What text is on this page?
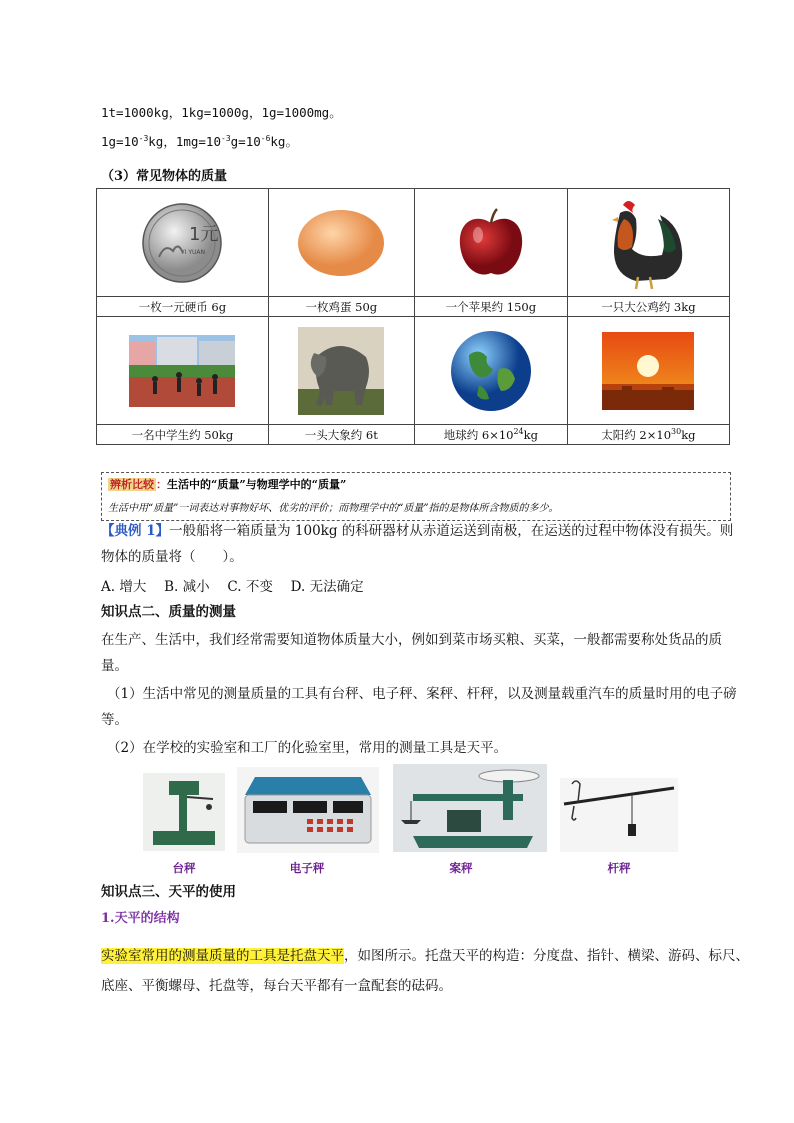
1t=1000kg，1kg=1000g，1g=1000mg。
$1g=10^{-3}kg$，$1mg=10^{-3}g=10^{-6}kg$。
（3）常见物体的质量
1元
YI YUAN

一枚一元硬币 6g	一枚鸡蛋 50g	一个苹果约 150g	一只大公鸡约 3kg

一名中学生约 50kg	一头大象约 6t	地球约 $6\times 10^{24}kg$	太阳约 $2\times 10^{30}kg$
辨析比较 ：生活中的“质量”与物理学中的“质量”
生活中用“质量”一词表达对事物好坏、优劣的评价；而物理学中的“质量”指的是物体所含物质的多少。
【典例 1】一般船将一箱质量为 100kg 的科研器材从赤道运送到南极，在运送的过程中物体没有损失。则物体的质量将（　　）。
A. 增大　 B. 减小　 C. 不变　 D. 无法确定
知识点二、质量的测量
在生产、生活中，我们经常需要知道物体质量大小，例如到菜市场买粮、买菜，一般都需要称处货品的质量。
（1）生活中常见的测量质量的工具有台秤、电子秤、案秤、杆秤，以及测量载重汽车的质量时用的电子磅等。
（2）在学校的实验室和工厂的化验室里，常用的测量工具是天平。
台秤	电子秤	案秤	杆秤
知识点三、天平的使用
1.天平的结构
实验室常用的测量质量的工具是托盘天平，如图所示。托盘天平的构造：分度盘、指针、横梁、游码、标尺、底座、平衡螺母、托盘等，每台天平都有一盒配套的砝码。
